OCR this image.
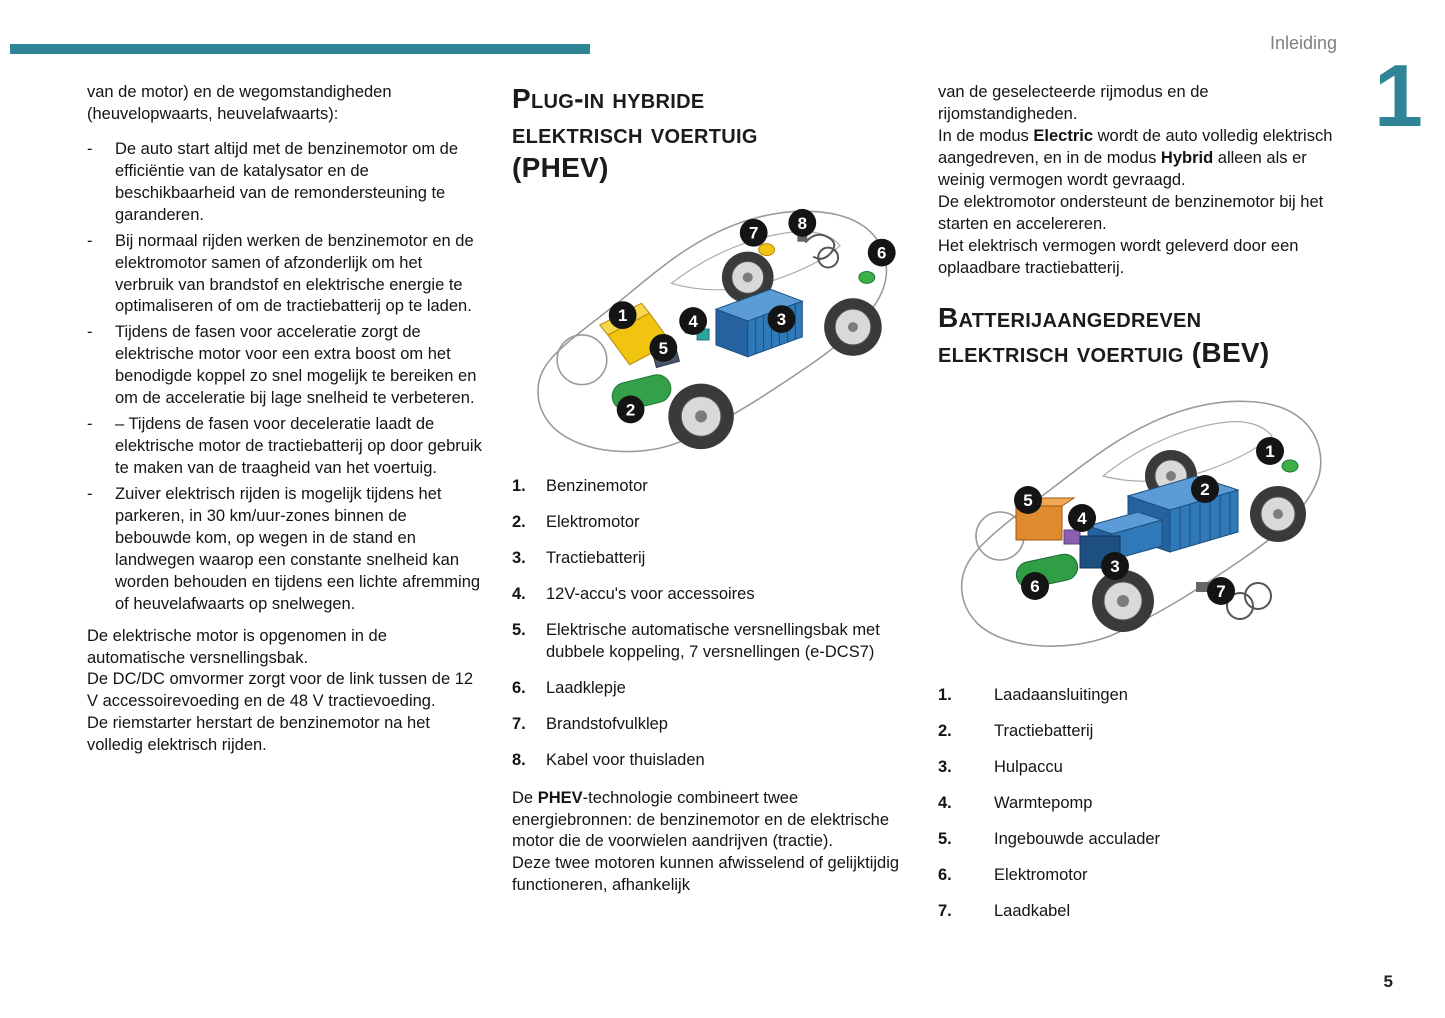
Inleiding
1
5

van de motor) en de wegomstandigheden (heuvelopwaarts, heuvelafwaarts):

-	De auto start altijd met de benzinemotor om de efficiëntie van de katalysator en de beschikbaarheid van de remondersteuning te garanderen.
-	Bij normaal rijden werken de benzinemotor en de elektromotor samen of afzonderlijk om het verbruik van brandstof en elektrische energie te optimaliseren of om de tractiebatterij op te laden.
-	Tijdens de fasen voor acceleratie zorgt de elektrische motor voor een extra boost om het benodigde koppel zo snel mogelijk te bereiken en om de acceleratie bij lage snelheid te verbeteren.
-	– Tijdens de fasen voor deceleratie laadt de elektrische motor de tractiebatterij op door gebruik te maken van de traagheid van het voertuig.
-	Zuiver elektrisch rijden is mogelijk tijdens het parkeren, in 30 km/uur-zones binnen de bebouwde kom, op wegen in de stand en landwegen waarop een constante snelheid kan worden behouden en tijdens een lichte afremming of heuvelafwaarts op snelwegen.

De elektrische motor is opgenomen in de automatische versnellingsbak.

De DC/DC omvormer zorgt voor de link tussen de 12 V accessoirevoeding en de 48 V tractievoeding.

De riemstarter herstart de benzinemotor na het volledig elektrisch rijden.

Plug-in hybride elektrisch voertuig (PHEV)
1
2
3
4
5
6
7
8
1.	Benzinemotor
2.	Elektromotor
3.	Tractiebatterij
4.	12V-accu's voor accessoires
5.	Elektrische automatische versnellingsbak met dubbele koppeling, 7 versnellingen (e-DCS7)
6.	Laadklepje
7.	Brandstofvulklep
8.	Kabel voor thuisladen

De PHEV-technologie combineert twee energiebronnen: de benzinemotor en de elektrische motor die de voorwielen aandrijven (tractie).

Deze twee motoren kunnen afwisselend of gelijktijdig functioneren, afhankelijk

van de geselecteerde rijmodus en de rijomstandigheden.

In de modus Electric wordt de auto volledig elektrisch aangedreven, en in de modus Hybrid alleen als er weinig vermogen wordt gevraagd.

De elektromotor ondersteunt de benzinemotor bij het starten en accelereren.

Het elektrisch vermogen wordt geleverd door een oplaadbare tractiebatterij.

Batterijaangedreven elektrisch voertuig (BEV)
1
2
3
4
5
6	7
1.	Laadaansluitingen
2.	Tractiebatterij
3.	Hulpaccu
4.	Warmtepomp
5.	Ingebouwde acculader
6.	Elektromotor
7.	Laadkabel
